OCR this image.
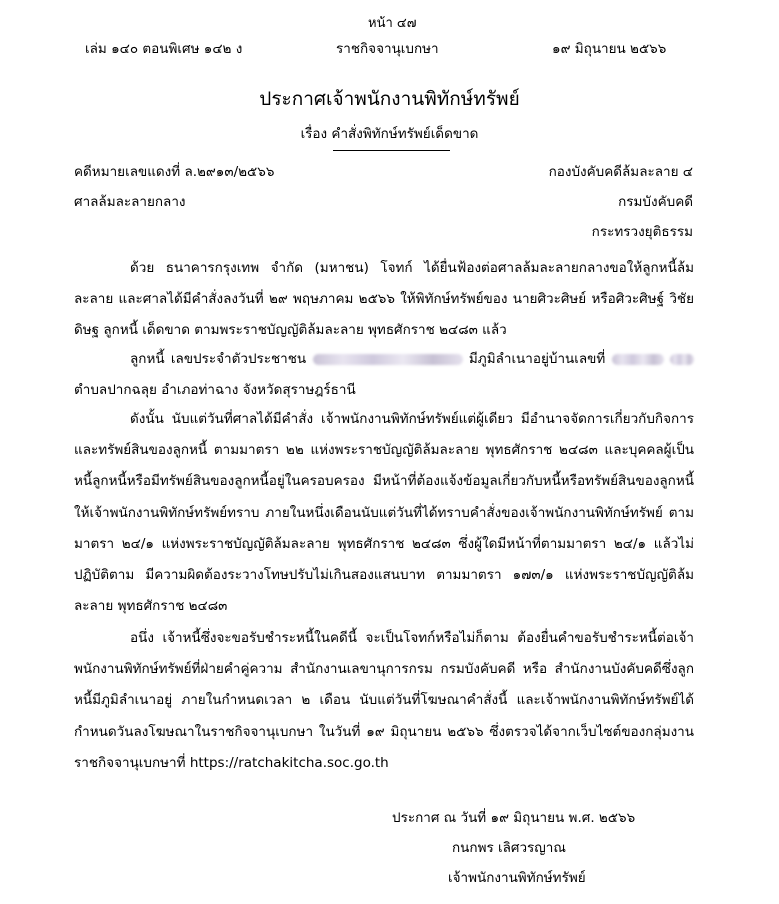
หน้า ๔๗
เล่ม ๑๔๐ ตอนพิเศษ ๑๔๒ ง	ราชกิจจานุเบกษา	๑๙ มิถุนายน ๒๕๖๖
ประกาศเจ้าพนักงานพิทักษ์ทรัพย์
เรื่อง คำสั่งพิทักษ์ทรัพย์เด็ดขาด
คดีหมายเลขแดงที่ ล.๒๙๑๓/๒๕๖๖
ศาลล้มละลายกลาง
กองบังคับคดีล้มละลาย ๔
กรมบังคับคดี
กระทรวงยุติธรรม
ด้วย ธนาคารกรุงเทพ จำกัด (มหาชน) โจทก์ ได้ยื่นฟ้องต่อศาลล้มละลายกลางขอให้ลูกหนี้ล้มละลาย และศาลได้มีคำสั่งลงวันที่ ๒๙ พฤษภาคม ๒๕๖๖ ให้พิทักษ์ทรัพย์ของ นายศิวะศิษย์ หรือศิวะศิษฐ์ วิชัยดิษฐ ลูกหนี้ เด็ดขาด ตามพระราชบัญญัติล้มละลาย พุทธศักราช ๒๔๘๓ แล้ว
ลูกหนี้ เลขประจำตัวประชาชน	มีภูมิลำเนาอยู่บ้านเลขที่   ตำบลปากฉลุย อำเภอท่าฉาง จังหวัดสุราษฎร์ธานี
ดังนั้น นับแต่วันที่ศาลได้มีคำสั่ง เจ้าพนักงานพิทักษ์ทรัพย์แต่ผู้เดียว มีอำนาจจัดการเกี่ยวกับกิจการและทรัพย์สินของลูกหนี้ ตามมาตรา ๒๒ แห่งพระราชบัญญัติล้มละลาย พุทธศักราช ๒๔๘๓ และบุคคลผู้เป็นหนี้ลูกหนี้หรือมีทรัพย์สินของลูกหนี้อยู่ในครอบครอง มีหน้าที่ต้องแจ้งข้อมูลเกี่ยวกับหนี้หรือทรัพย์สินของลูกหนี้ให้เจ้าพนักงานพิทักษ์ทรัพย์ทราบ ภายในหนึ่งเดือนนับแต่วันที่ได้ทราบคำสั่งของเจ้าพนักงานพิทักษ์ทรัพย์ ตามมาตรา ๒๔/๑ แห่งพระราชบัญญัติล้มละลาย พุทธศักราช ๒๔๘๓ ซึ่งผู้ใดมีหน้าที่ตามมาตรา ๒๔/๑ แล้วไม่ปฏิบัติตาม มีความผิดต้องระวางโทษปรับไม่เกินสองแสนบาท ตามมาตรา ๑๗๓/๑ แห่งพระราชบัญญัติล้มละลาย พุทธศักราช ๒๔๘๓
อนึ่ง เจ้าหนี้ซึ่งจะขอรับชำระหนี้ในคดีนี้ จะเป็นโจทก์หรือไม่ก็ตาม ต้องยื่นคำขอรับชำระหนี้ต่อเจ้าพนักงานพิทักษ์ทรัพย์ที่ฝ่ายคำคู่ความ สำนักงานเลขานุการกรม กรมบังคับคดี หรือ สำนักงานบังคับคดีซึ่งลูกหนี้มีภูมิลำเนาอยู่ ภายในกำหนดเวลา ๒ เดือน นับแต่วันที่โฆษณาคำสั่งนี้ และเจ้าพนักงานพิทักษ์ทรัพย์ได้กำหนดวันลงโฆษณาในราชกิจจานุเบกษา ในวันที่ ๑๙ มิถุนายน ๒๕๖๖ ซึ่งตรวจได้จากเว็บไซต์ของกลุ่มงานราชกิจจานุเบกษาที่ https://ratchakitcha.soc.go.th
ประกาศ ณ วันที่ ๑๙ มิถุนายน พ.ศ. ๒๕๖๖
กนกพร เลิศวรญาณ
เจ้าพนักงานพิทักษ์ทรัพย์
